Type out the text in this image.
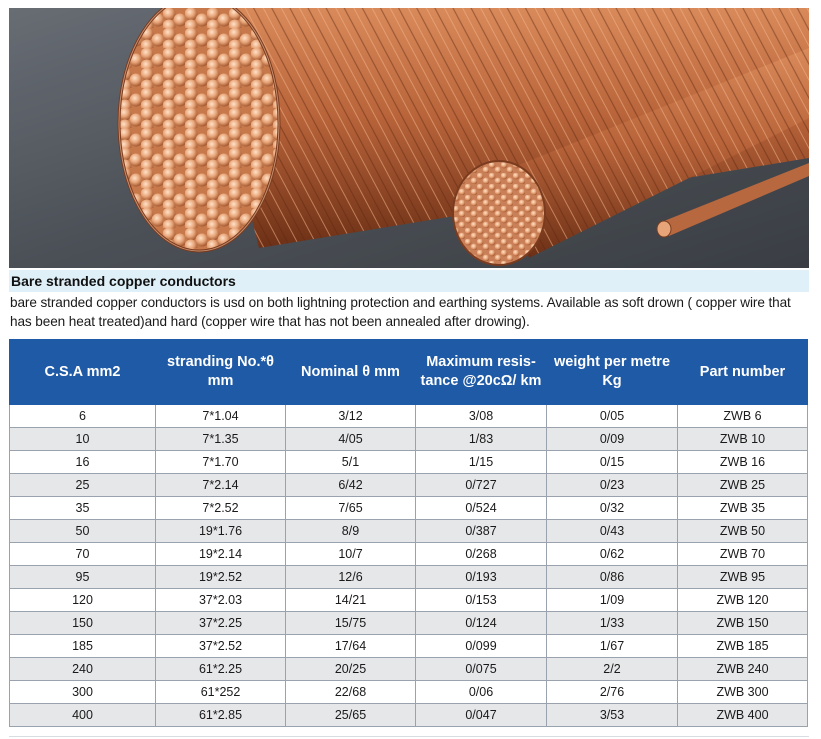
Bare stranded copper conductors
bare stranded copper conductors is usd on both lightning protection and earthing systems. Available as soft drown ( copper wire that has been heat treated)and hard (copper wire that has not been annealed after drowing).
C.S.A mm2	stranding No.*θ mm	Nominal θ mm	Maximum resis-tance @20cΩ/ km	weight per metre Kg	Part number
6	7*1.04	3/12	3/08	0/05	ZWB 6
10	7*1.35	4/05	1/83	0/09	ZWB 10
16	7*1.70	5/1	1/15	0/15	ZWB 16
25	7*2.14	6/42	0/727	0/23	ZWB 25
35	7*2.52	7/65	0/524	0/32	ZWB 35
50	19*1.76	8/9	0/387	0/43	ZWB 50
70	19*2.14	10/7	0/268	0/62	ZWB 70
95	19*2.52	12/6	0/193	0/86	ZWB 95
120	37*2.03	14/21	0/153	1/09	ZWB 120
150	37*2.25	15/75	0/124	1/33	ZWB 150
185	37*2.52	17/64	0/099	1/67	ZWB 185
240	61*2.25	20/25	0/075	2/2	ZWB 240
300	61*252	22/68	0/06	2/76	ZWB 300
400	61*2.85	25/65	0/047	3/53	ZWB 400
